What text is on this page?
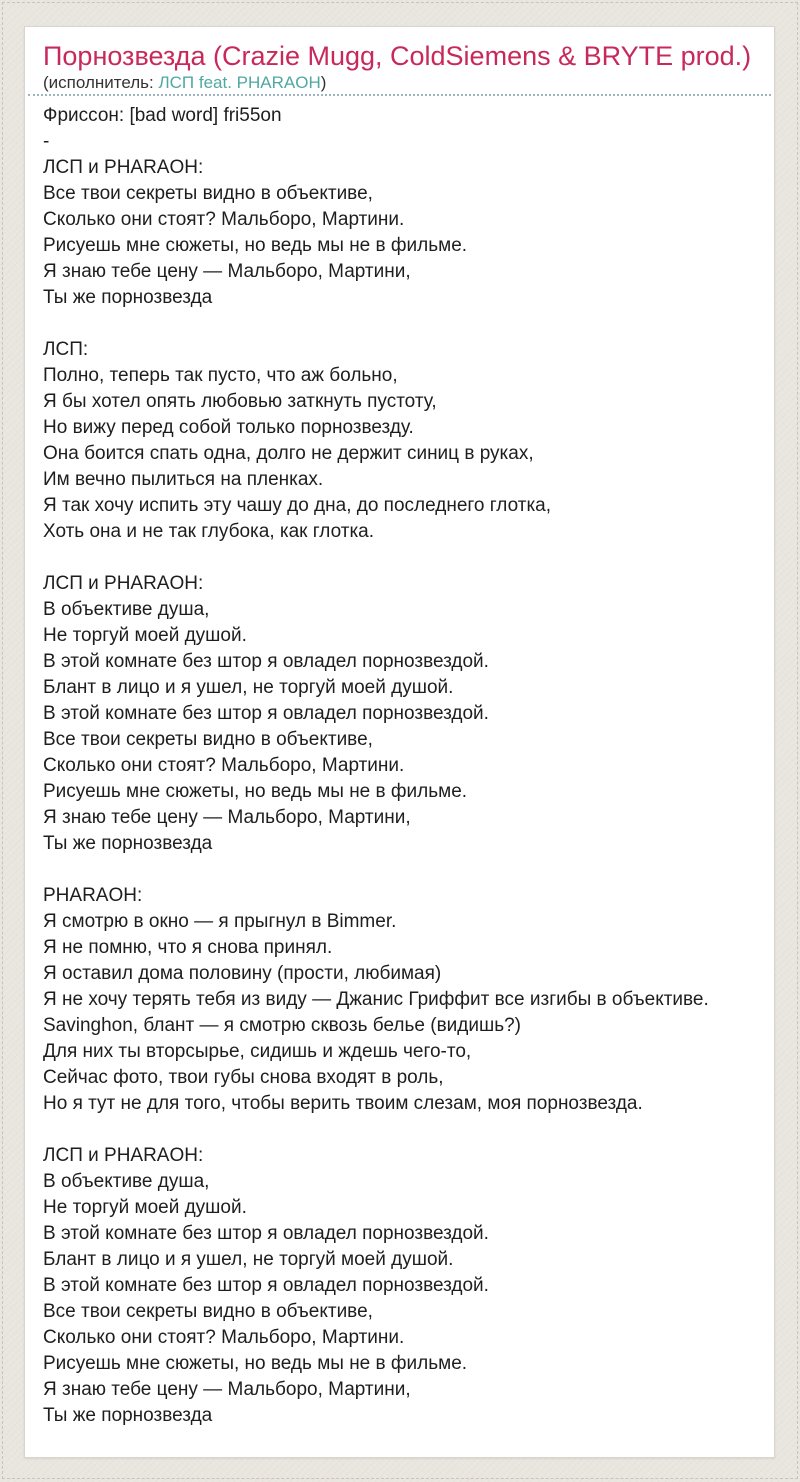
Порнозвезда (Crazie Mugg, ColdSiemens & BRYTE prod.)
(исполнитель: ЛСП feat. PHARAOH)
Фриссон: [bad word] fri55on
-
ЛСП и PHARAOH:
Все твои секреты видно в объективе,
Сколько они стоят? Мальборо, Мартини.
Рисуешь мне сюжеты, но ведь мы не в фильме.
Я знаю тебе цену — Мальборо, Мартини,
Ты же порнозвезда
ЛСП:
Полно, теперь так пусто, что аж больно,
Я бы хотел опять любовью заткнуть пустоту,
Но вижу перед собой только порнозвезду.
Она боится спать одна, долго не держит синиц в руках,
Им вечно пылиться на пленках.
Я так хочу испить эту чашу до дна, до последнего глотка,
Хоть она и не так глубока, как глотка.
ЛСП и PHARAOH:
В объективе душа,
Не торгуй моей душой.
В этой комнате без штор я овладел порнозвездой.
Блант в лицо и я ушел, не торгуй моей душой.
В этой комнате без штор я овладел порнозвездой.
Все твои секреты видно в объективе,
Сколько они стоят? Мальборо, Мартини.
Рисуешь мне сюжеты, но ведь мы не в фильме.
Я знаю тебе цену — Мальборо, Мартини,
Ты же порнозвезда
PHARAOH:
Я смотрю в окно — я прыгнул в Bimmer.
Я не помню, что я снова принял.
Я оставил дома половину (прости, любимая)
Я не хочу терять тебя из виду — Джанис Гриффит все изгибы в объективе.
Savinghon, блант — я смотрю сквозь белье (видишь?)
Для них ты вторсырье, сидишь и ждешь чего-то,
Сейчас фото, твои губы снова входят в роль,
Но я тут не для того, чтобы верить твоим слезам, моя порнозвезда.
ЛСП и PHARAOH:
В объективе душа,
Не торгуй моей душой.
В этой комнате без штор я овладел порнозвездой.
Блант в лицо и я ушел, не торгуй моей душой.
В этой комнате без штор я овладел порнозвездой.
Все твои секреты видно в объективе,
Сколько они стоят? Мальборо, Мартини.
Рисуешь мне сюжеты, но ведь мы не в фильме.
Я знаю тебе цену — Мальборо, Мартини,
Ты же порнозвезда
